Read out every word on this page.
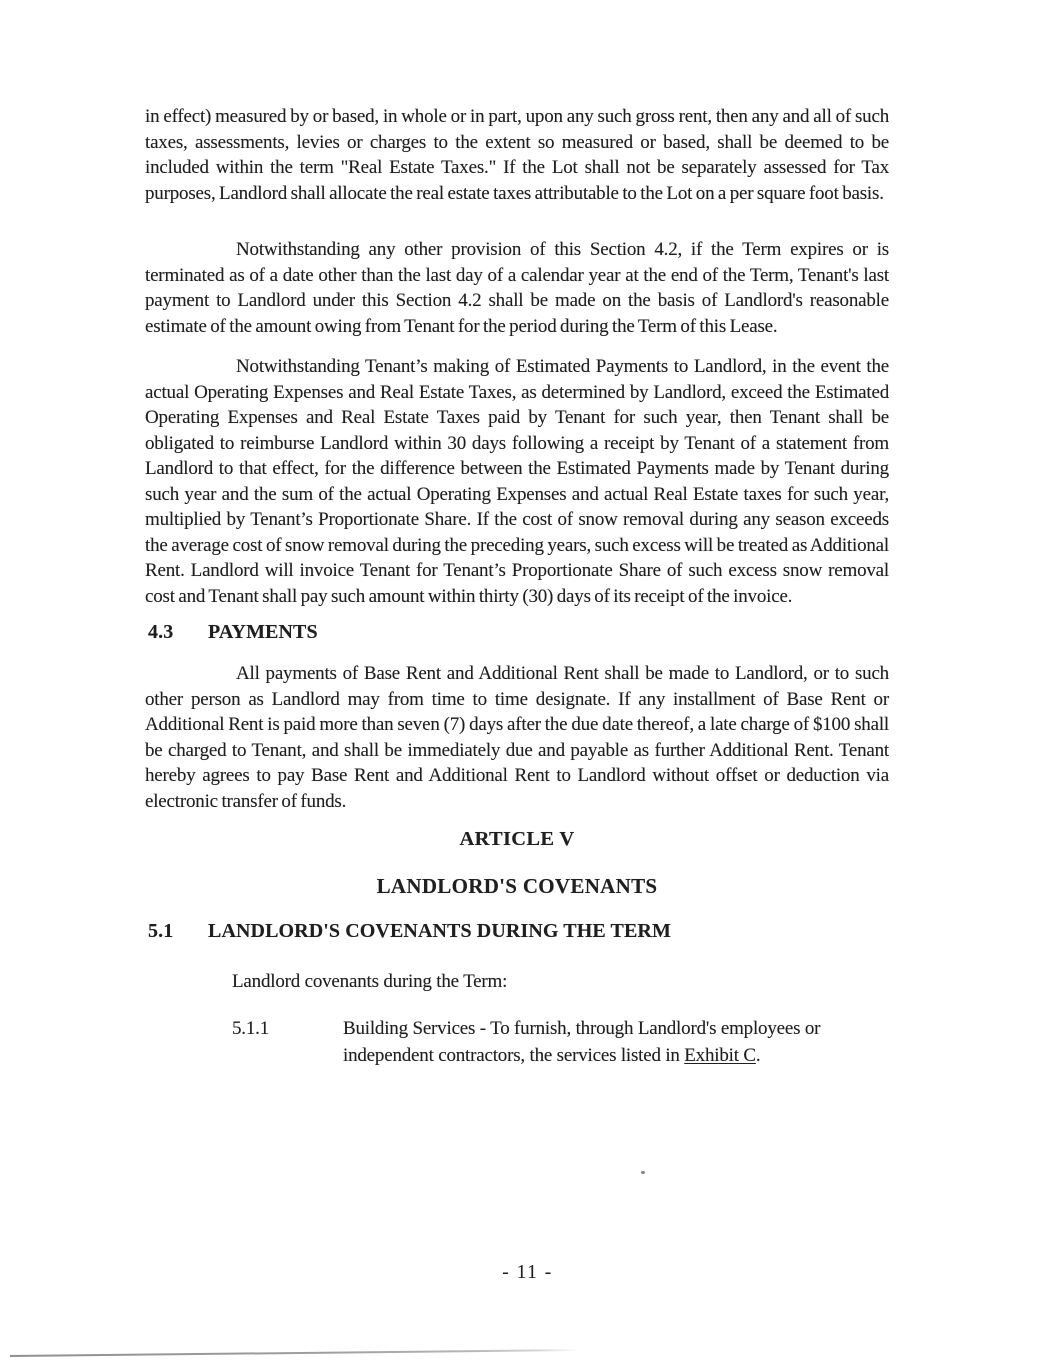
in effect) measured by or based, in whole or in part, upon any such gross rent, then any and all of such taxes, assessments, levies or charges to the extent so measured or based, shall be deemed to be included within the term "Real Estate Taxes." If the Lot shall not be separately assessed for Tax purposes, Landlord shall allocate the real estate taxes attributable to the Lot on a per square foot basis.

Notwithstanding any other provision of this Section 4.2, if the Term expires or is terminated as of a date other than the last day of a calendar year at the end of the Term, Tenant's last payment to Landlord under this Section 4.2 shall be made on the basis of Landlord's reasonable estimate of the amount owing from Tenant for the period during the Term of this Lease.

Notwithstanding Tenant’s making of Estimated Payments to Landlord, in the event the actual Operating Expenses and Real Estate Taxes, as determined by Landlord, exceed the Estimated Operating Expenses and Real Estate Taxes paid by Tenant for such year, then Tenant shall be obligated to reimburse Landlord within 30 days following a receipt by Tenant of a statement from Landlord to that effect, for the difference between the Estimated Payments made by Tenant during such year and the sum of the actual Operating Expenses and actual Real Estate taxes for such year, multiplied by Tenant’s Proportionate Share. If the cost of snow removal during any season exceeds the average cost of snow removal during the preceding years, such excess will be treated as Additional Rent. Landlord will invoice Tenant for Tenant’s Proportionate Share of such excess snow removal cost and Tenant shall pay such amount within thirty (30) days of its receipt of the invoice.

4.3	PAYMENTS

All payments of Base Rent and Additional Rent shall be made to Landlord, or to such other person as Landlord may from time to time designate. If any installment of Base Rent or Additional Rent is paid more than seven (7) days after the due date thereof, a late charge of $100 shall be charged to Tenant, and shall be immediately due and payable as further Additional Rent. Tenant hereby agrees to pay Base Rent and Additional Rent to Landlord without offset or deduction via electronic transfer of funds.

ARTICLE V
LANDLORD'S COVENANTS
5.1	LANDLORD'S COVENANTS DURING THE TERM

Landlord covenants during the Term:

5.1.1	Building Services - To furnish, through Landlord's employees or independent contractors, the services listed in Exhibit C.
- 11 -
